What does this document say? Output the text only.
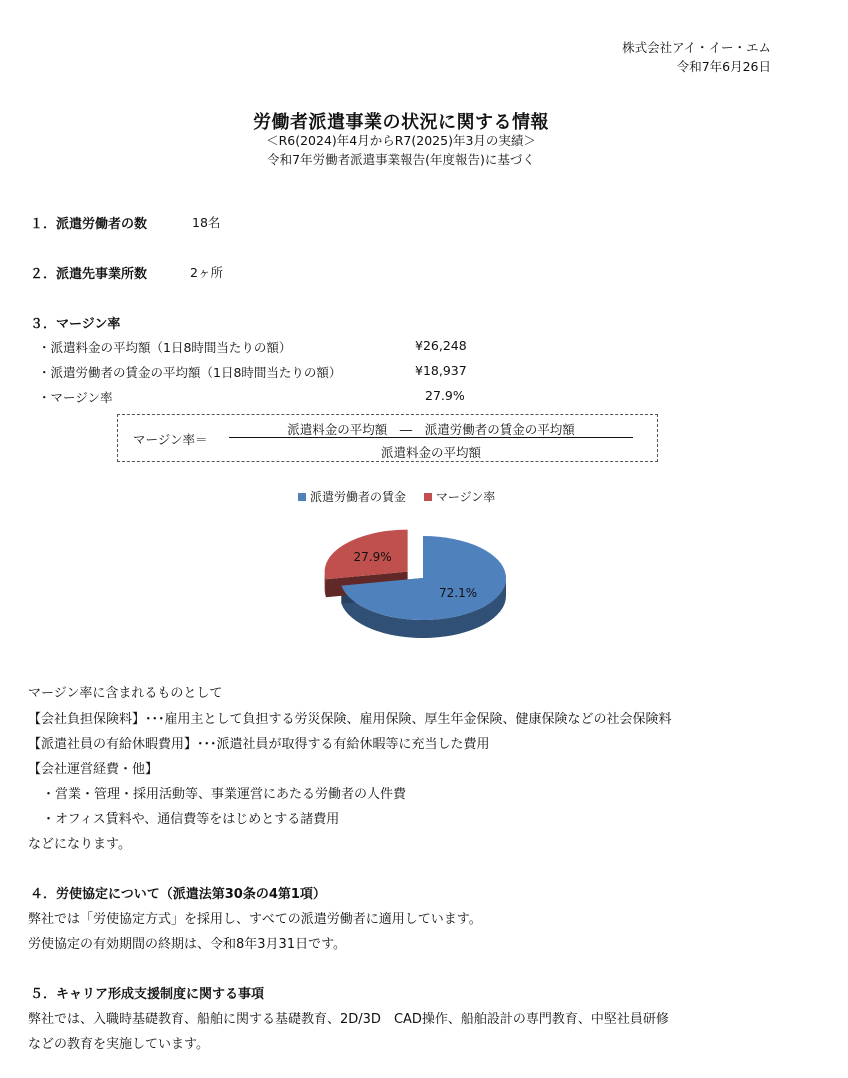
株式会社アイ・イー・エム
令和7年6月26日
労働者派遣事業の状況に関する情報
＜R6(2024)年4月からR7(2025)年3月の実績＞
令和7年労働者派遣事業報告(年度報告)に基づく
１．派遣労働者の数	18名
２．派遣先事業所数	2ヶ所
３．マージン率
・派遣料金の平均額（1日8時間当たりの額）	¥26,248
・派遣労働者の賃金の平均額（1日8時間当たりの額）	¥18,937
・マージン率	27.9%
マージン率＝
派遣料金の平均額　―　派遣労働者の賃金の平均額
派遣料金の平均額
派遣労働者の賃金 マージン率
72.1%
27.9%
マージン率に含まれるものとして
【会社負担保険料】･･･雇用主として負担する労災保険、雇用保険、厚生年金保険、健康保険などの社会保険料
【派遣社員の有給休暇費用】･･･派遣社員が取得する有給休暇等に充当した費用
【会社運営経費・他】
・営業・管理・採用活動等、事業運営にあたる労働者の人件費
・オフィス賃料や、通信費等をはじめとする諸費用
などになります。
４．労使協定について（派遣法第30条の4第1項）
弊社では「労使協定方式」を採用し、すべての派遣労働者に適用しています。
労使協定の有効期間の終期は、令和8年3月31日です。
５．キャリア形成支援制度に関する事項
弊社では、入職時基礎教育、船舶に関する基礎教育、2D/3D　CAD操作、船舶設計の専門教育、中堅社員研修
などの教育を実施しています。
